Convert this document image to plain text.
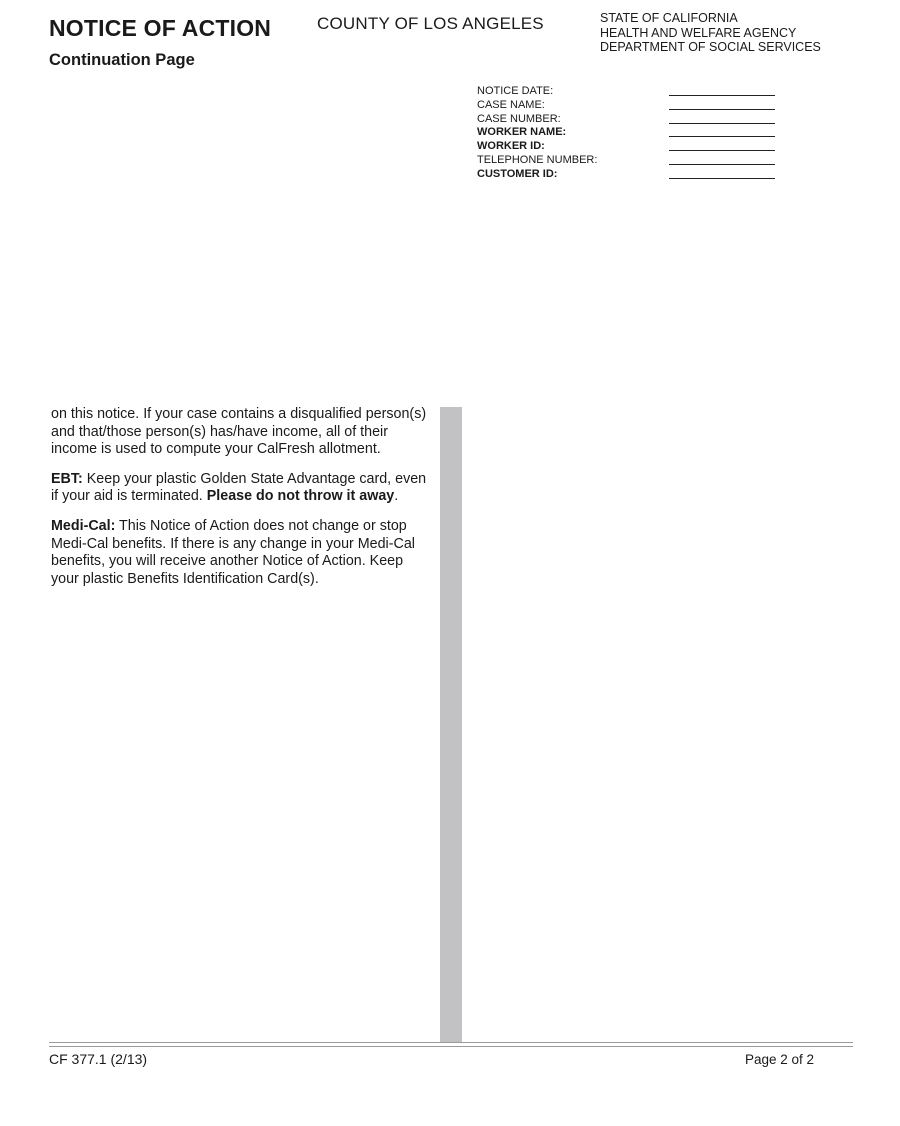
NOTICE OF ACTION
Continuation Page
COUNTY OF LOS ANGELES	STATE OF CALIFORNIA
HEALTH AND WELFARE AGENCY
DEPARTMENT OF SOCIAL SERVICES
NOTICE DATE:
CASE NAME:
CASE NUMBER:
WORKER NAME:
WORKER ID:
TELEPHONE NUMBER:
CUSTOMER ID:

on this notice. If your case contains a disqualified person(s) and that/those person(s) has/have income, all of their income is used to compute your CalFresh allotment.

EBT: Keep your plastic Golden State Advantage card, even if your aid is terminated. Please do not throw it away.

Medi-Cal: This Notice of Action does not change or stop Medi-Cal benefits. If there is any change in your Medi-Cal benefits, you will receive another Notice of Action. Keep your plastic Benefits Identification Card(s).

CF 377.1 (2/13)	Page 2 of 2
